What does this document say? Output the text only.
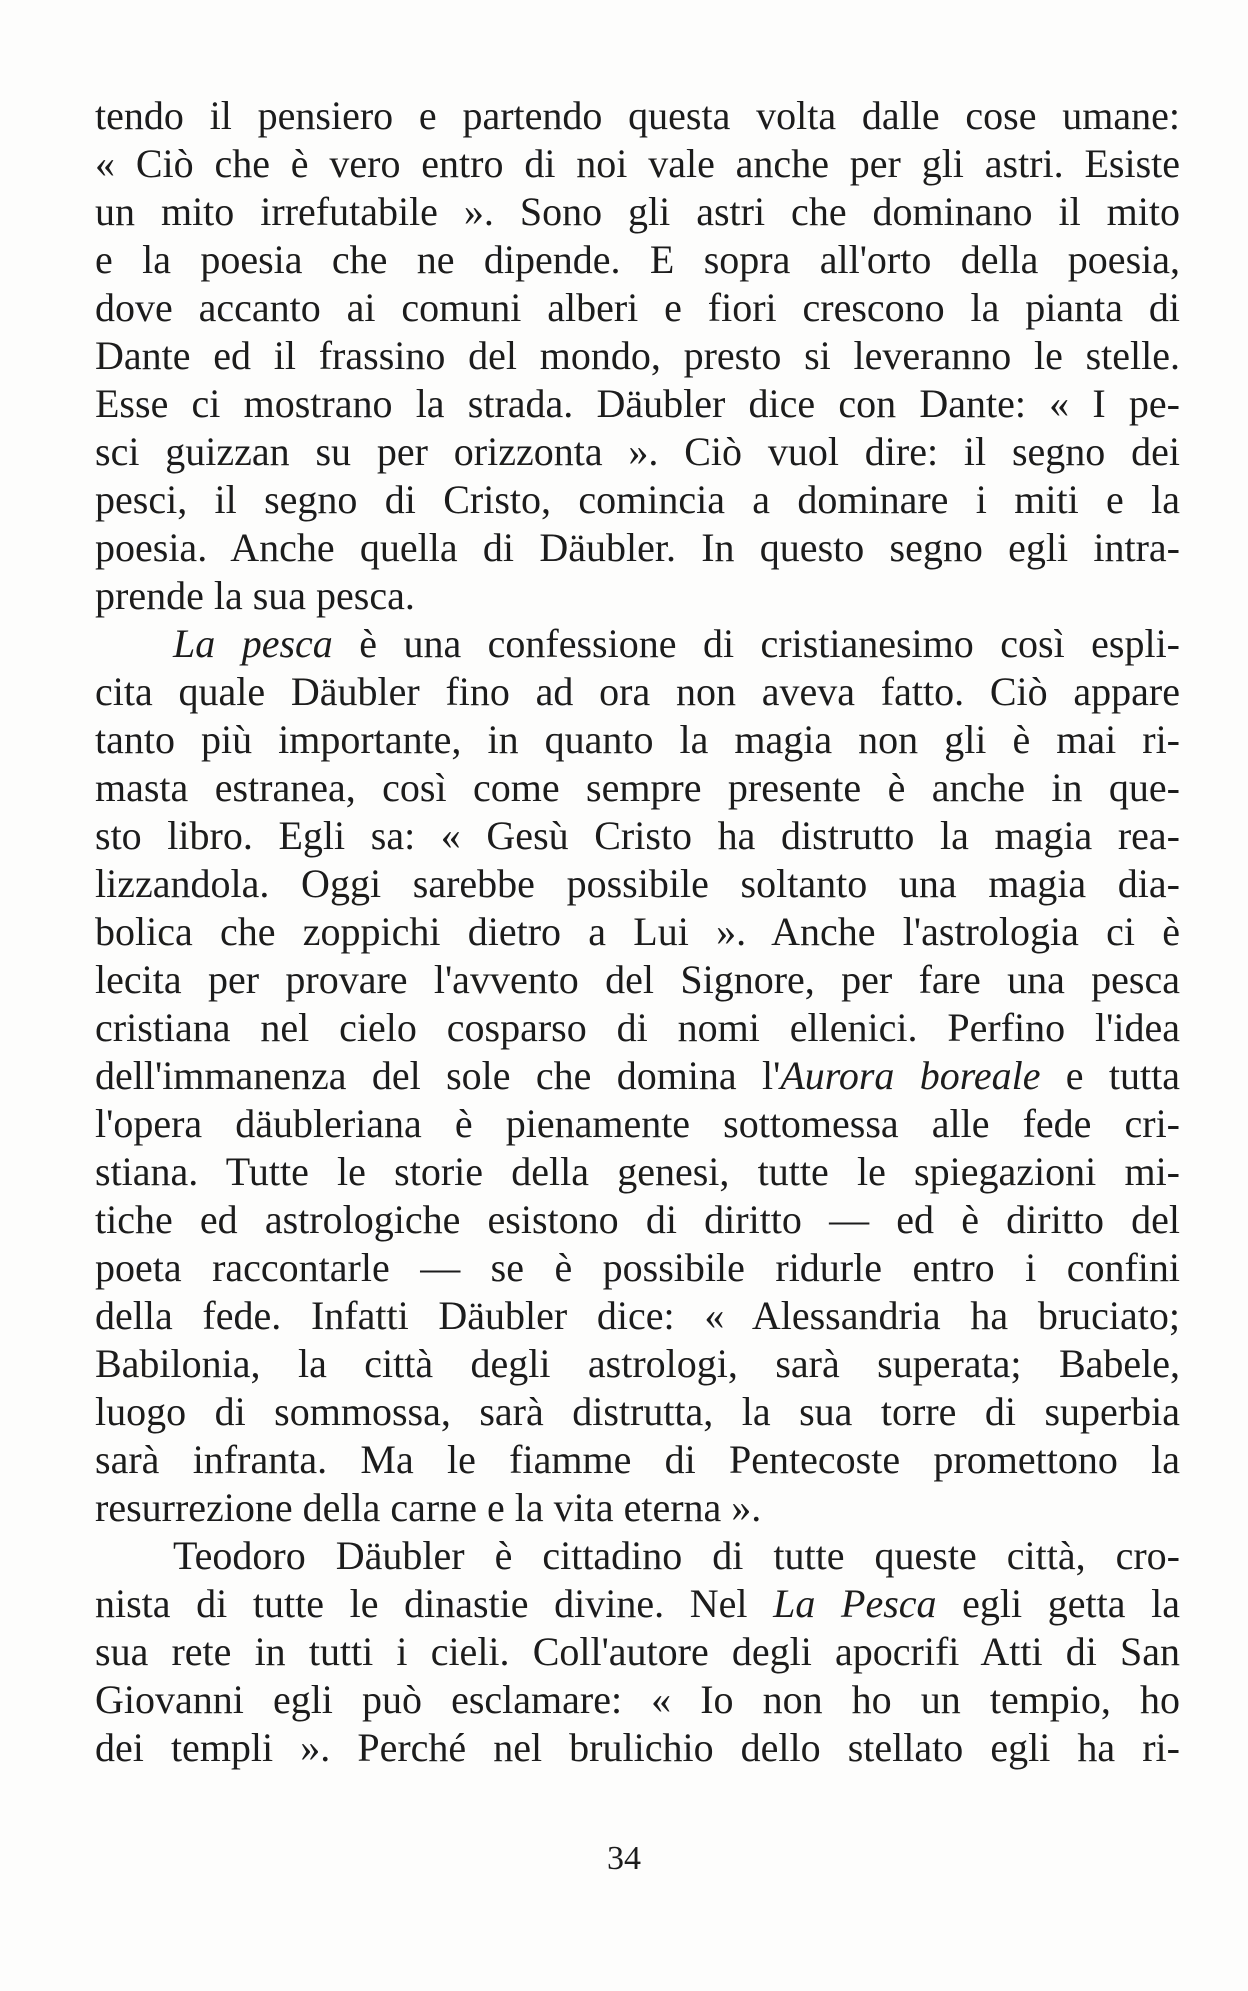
tendo il pensiero e partendo questa volta dalle cose umane:
« Ciò che è vero entro di noi vale anche per gli astri. Esiste
un mito irrefutabile ». Sono gli astri che dominano il mito
e la poesia che ne dipende. E sopra all'orto della poesia,
dove accanto ai comuni alberi e fiori crescono la pianta di
Dante ed il frassino del mondo, presto si leveranno le stelle.
Esse ci mostrano la strada. Däubler dice con Dante: « I pe-
sci guizzan su per orizzonta ». Ciò vuol dire: il segno dei
pesci, il segno di Cristo, comincia a dominare i miti e la
poesia. Anche quella di Däubler. In questo segno egli intra-
prende la sua pesca.
La pesca è una confessione di cristianesimo così espli-
cita quale Däubler fino ad ora non aveva fatto. Ciò appare
tanto più importante, in quanto la magia non gli è mai ri-
masta estranea, così come sempre presente è anche in que-
sto libro. Egli sa: « Gesù Cristo ha distrutto la magia rea-
lizzandola. Oggi sarebbe possibile soltanto una magia dia-
bolica che zoppichi dietro a Lui ». Anche l'astrologia ci è
lecita per provare l'avvento del Signore, per fare una pesca
cristiana nel cielo cosparso di nomi ellenici. Perfino l'idea
dell'immanenza del sole che domina l'Aurora boreale e tutta
l'opera däubleriana è pienamente sottomessa alle fede cri-
stiana. Tutte le storie della genesi, tutte le spiegazioni mi-
tiche ed astrologiche esistono di diritto — ed è diritto del
poeta raccontarle — se è possibile ridurle entro i confini
della fede. Infatti Däubler dice: « Alessandria ha bruciato;
Babilonia, la città degli astrologi, sarà superata; Babele,
luogo di sommossa, sarà distrutta, la sua torre di superbia
sarà infranta. Ma le fiamme di Pentecoste promettono la
resurrezione della carne e la vita eterna ».
Teodoro Däubler è cittadino di tutte queste città, cro-
nista di tutte le dinastie divine. Nel La Pesca egli getta la
sua rete in tutti i cieli. Coll'autore degli apocrifi Atti di San
Giovanni egli può esclamare: « Io non ho un tempio, ho
dei templi ». Perché nel brulichio dello stellato egli ha ri-
34
